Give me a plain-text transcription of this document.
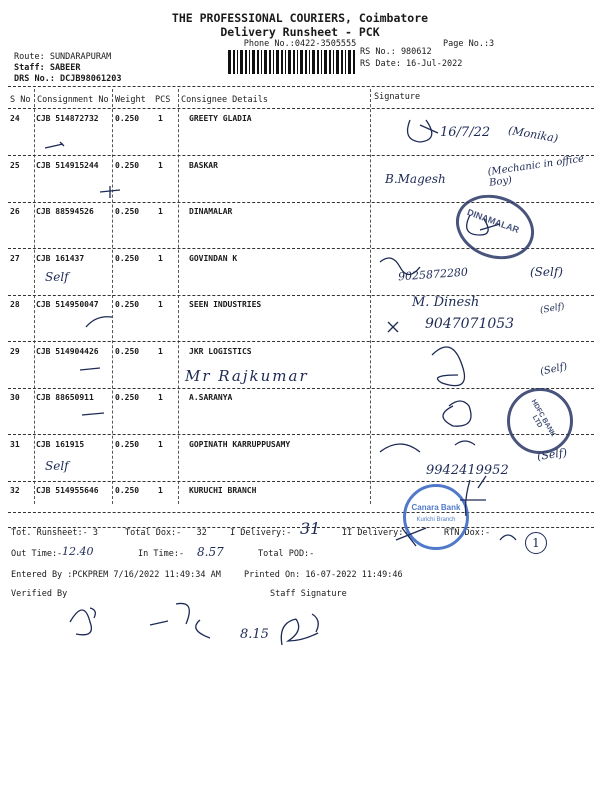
THE PROFESSIONAL COURIERS, Coimbatore
Delivery Runsheet - PCK
Phone No.:0422-3505555	Page No.:3
Route: SUNDARAPURAM
Staff: SABEER
DRS No.: DCJB98061203
RS No.: 980612
RS Date: 16-Jul-2022
S No Consignment No Weight PCS Consignee Details	Signature
24 CJB 514872732 0.250 1	GREETY GLADIA
25 CJB 514915244 0.250 1	BASKAR
26 CJB 88594526	0.250 1	DINAMALAR
27 CJB 161437	0.250 1	GOVINDAN K
28 CJB 514950047 0.250 1	SEEN INDUSTRIES
29 CJB 514904426 0.250 1	JKR LOGISTICS
30 CJB 88650911	0.250 1	A.SARANYA
31 CJB 161915	0.250 1	GOPINATH KARRUPPUSAMY
32 CJB 514955646 0.250 1	KURUCHI BRANCH
Tot. Runsheet:- 3	Total Dox:-   32	I Delivery:-	II Delivery:-	RTN Dox:-
Out Time:-	In Time:-	Total POD:-
Entered By :PCKPREM 7/16/2022 11:49:34 AM	Printed On: 16-07-2022 11:49:46
Verified By	Staff Signature
16/7/22 (Monika)
B.Magesh
(Mechanic in office Boy)
9025872280	(Self)
M. Dinesh
9047071053
(Self)
Mr Rajkumar	(Self)
9942419952
(Self)
Self
Self
31
12.40	8.57
1
8.15
DINAMALAR
HDFC BANK LTD
Canara Bank
Kurichi Branch
